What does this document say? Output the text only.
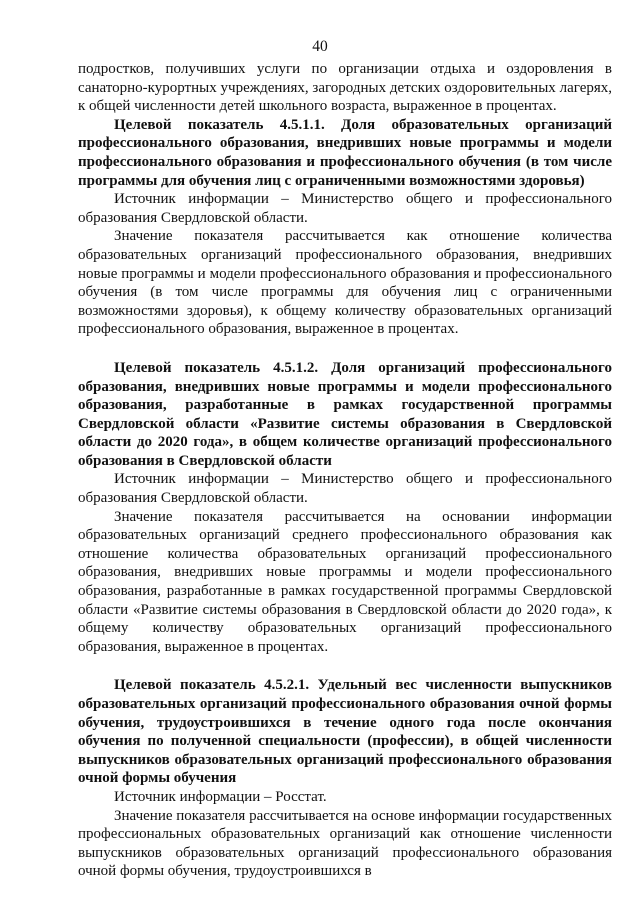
40

подростков, получивших услуги по организации отдыха и оздоровления в санаторно-курортных учреждениях, загородных детских оздоровительных лагерях, к общей численности детей школьного возраста, выраженное в процентах.

Целевой показатель 4.5.1.1. Доля образовательных организаций профессионального образования, внедривших новые программы и модели профессионального образования и профессионального обучения (в том числе программы для обучения лиц с ограниченными возможностями здоровья)

Источник информации – Министерство общего и профессионального образования Свердловской области.

Значение показателя рассчитывается как отношение количества образовательных организаций профессионального образования, внедривших новые программы и модели профессионального образования и профессионального обучения (в том числе программы для обучения лиц с ограниченными возможностями здоровья), к общему количеству образовательных организаций профессионального образования, выраженное в процентах.

Целевой показатель 4.5.1.2. Доля организаций профессионального образования, внедривших новые программы и модели профессионального образования, разработанные в рамках государственной программы Свердловской области «Развитие системы образования в Свердловской области до 2020 года», в общем количестве организаций профессионального образования в Свердловской области

Источник информации – Министерство общего и профессионального образования Свердловской области.

Значение показателя рассчитывается на основании информации образовательных организаций среднего профессионального образования как отношение количества образовательных организаций профессионального образования, внедривших новые программы и модели профессионального образования, разработанные в рамках государственной программы Свердловской области «Развитие системы образования в Свердловской области до 2020 года», к общему количеству образовательных организаций профессионального образования, выраженное в процентах.

Целевой показатель 4.5.2.1. Удельный вес численности выпускников образовательных организаций профессионального образования очной формы обучения, трудоустроившихся в течение одного года после окончания обучения по полученной специальности (профессии), в общей численности выпускников образовательных организаций профессионального образования очной формы обучения

Источник информации – Росстат.

Значение показателя рассчитывается на основе информации государственных профессиональных образовательных организаций как отношение численности выпускников образовательных организаций профессионального образования очной формы обучения, трудоустроившихся в
